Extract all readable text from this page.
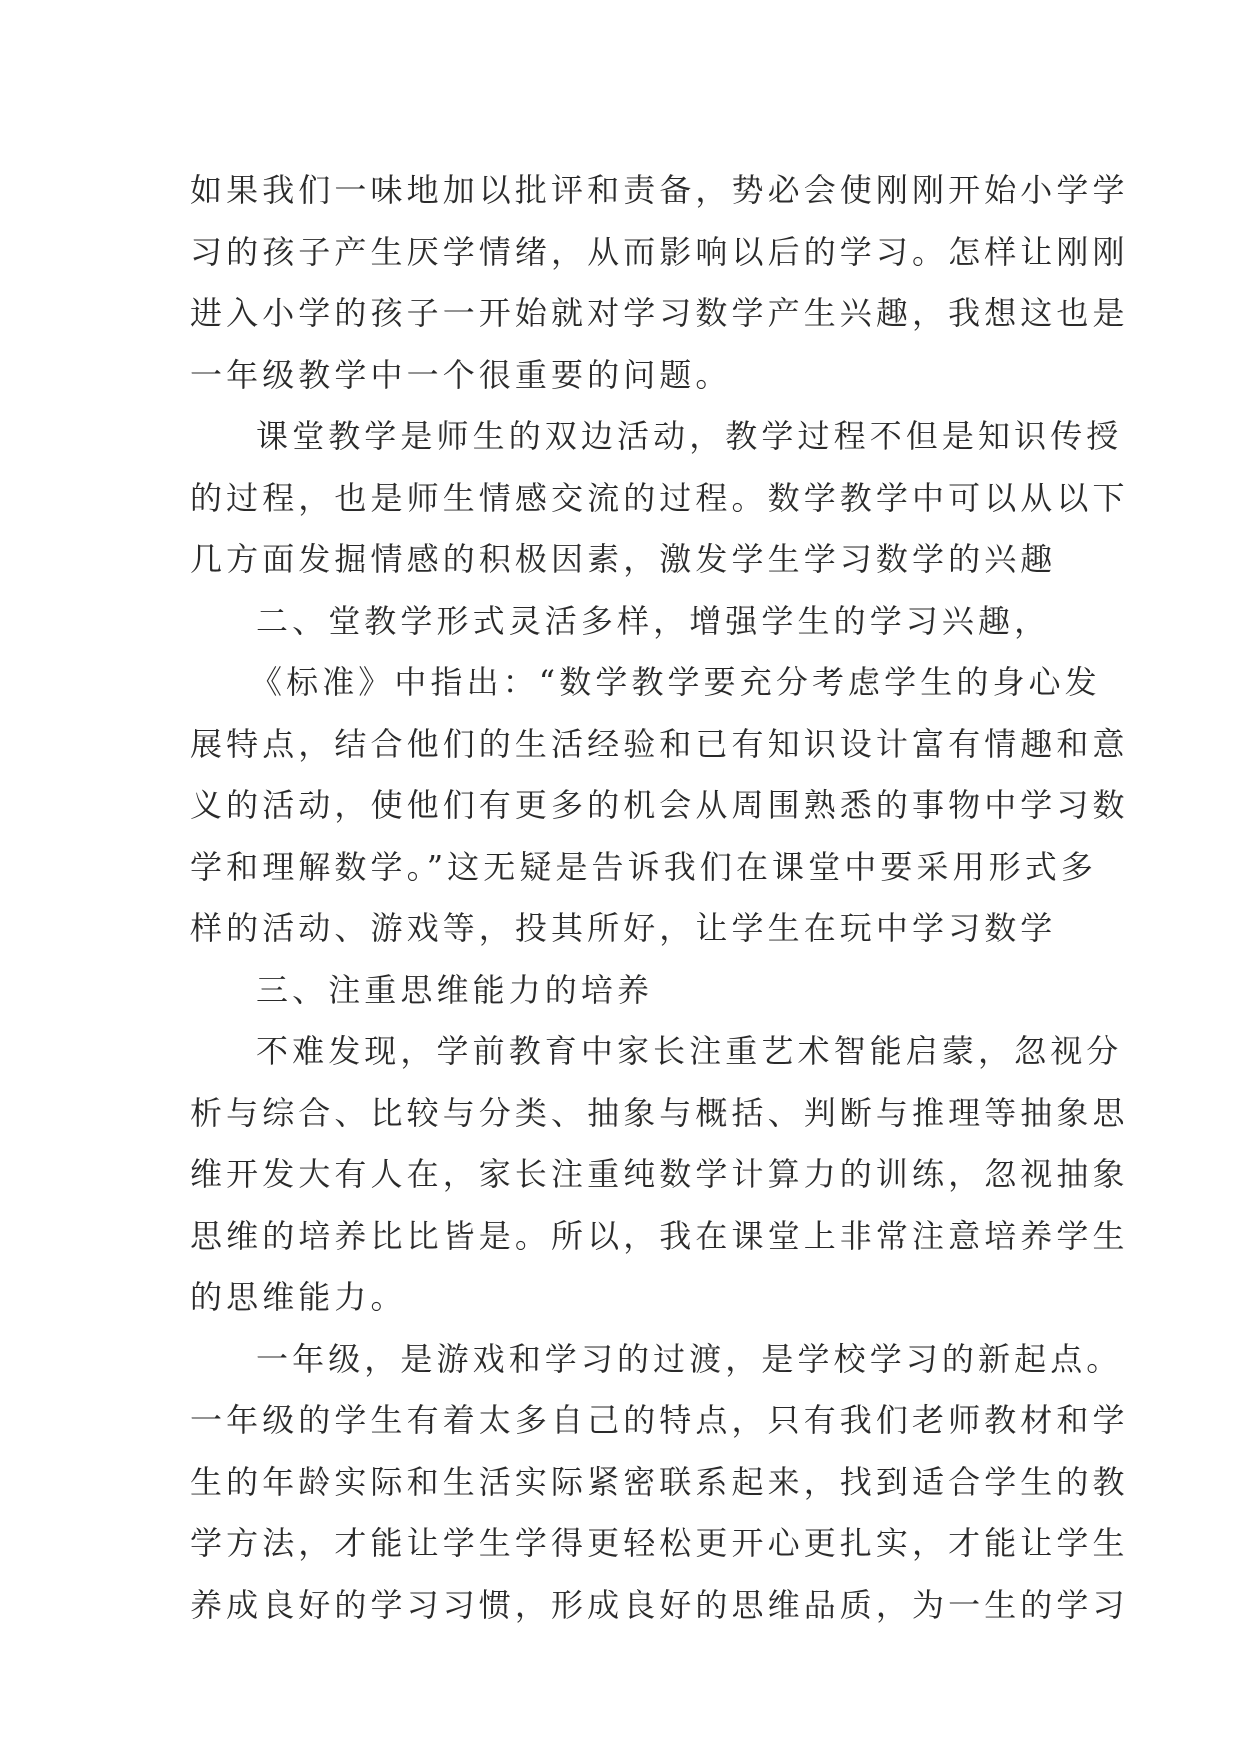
如果我们一味地加以批评和责备，势必会使刚刚开始小学学
习的孩子产生厌学情绪，从而影响以后的学习。怎样让刚刚
进入小学的孩子一开始就对学习数学产生兴趣，我想这也是
一年级教学中一个很重要的问题。
课堂教学是师生的双边活动，教学过程不但是知识传授
的过程，也是师生情感交流的过程。数学教学中可以从以下
几方面发掘情感的积极因素，激发学生学习数学的兴趣
二、堂教学形式灵活多样，增强学生的学习兴趣，
《标准》中指出：“数学教学要充分考虑学生的身心发
展特点，结合他们的生活经验和已有知识设计富有情趣和意
义的活动，使他们有更多的机会从周围熟悉的事物中学习数
学和理解数学。”这无疑是告诉我们在课堂中要采用形式多
样的活动、游戏等，投其所好，让学生在玩中学习数学
三、注重思维能力的培养
不难发现，学前教育中家长注重艺术智能启蒙，忽视分
析与综合、比较与分类、抽象与概括、判断与推理等抽象思
维开发大有人在，家长注重纯数学计算力的训练，忽视抽象
思维的培养比比皆是。所以，我在课堂上非常注意培养学生
的思维能力。
一年级，是游戏和学习的过渡，是学校学习的新起点。
一年级的学生有着太多自己的特点，只有我们老师教材和学
生的年龄实际和生活实际紧密联系起来，找到适合学生的教
学方法，才能让学生学得更轻松更开心更扎实，才能让学生
养成良好的学习习惯，形成良好的思维品质，为一生的学习
